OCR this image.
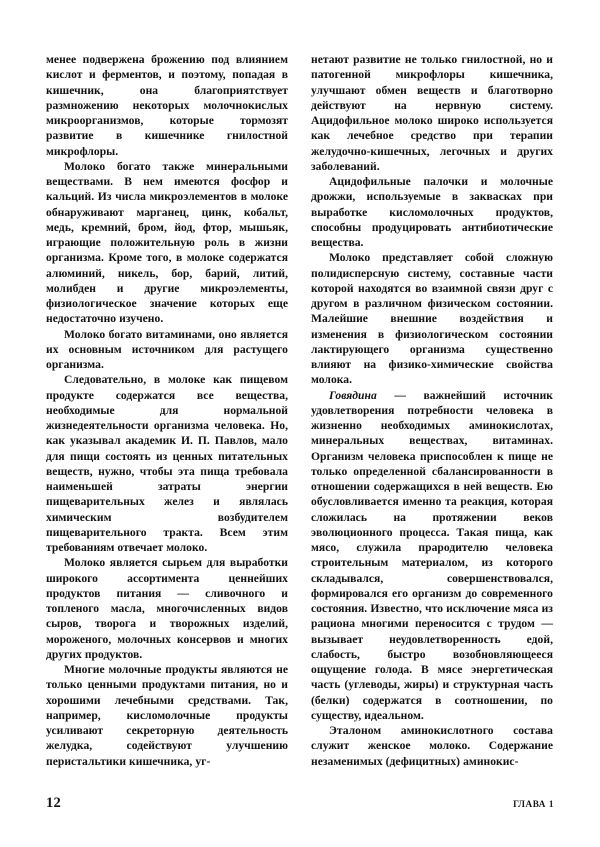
менее подвержена брожению под влиянием кислот и ферментов, и поэтому, попадая в кишечник, она благоприятствует размножению некоторых молочнокислых микроорганизмов, которые тормозят развитие в кишечнике гнилостной микрофлоры.

Молоко богато также минеральными веществами. В нем имеются фосфор и кальций. Из числа микроэлементов в молоке обнаруживают марганец, цинк, кобальт, медь, кремний, бром, йод, фтор, мышьяк, играющие положительную роль в жизни организма. Кроме того, в молоке содержатся алюминий, никель, бор, барий, литий, молибден и другие микроэлементы, физиологическое значение которых еще недостаточно изучено.

Молоко богато витаминами, оно является их основным источником для растущего организма.

Следовательно, в молоке как пищевом продукте содержатся все вещества, необходимые для нормальной жизнедеятельности организма человека. Но, как указывал академик И. П. Павлов, мало для пищи состоять из ценных питательных веществ, нужно, чтобы эта пища требовала наименьшей затраты энергии пищеварительных желез и являлась химическим возбудителем пищеварительного тракта. Всем этим требованиям отвечает молоко.

Молоко является сырьем для выработки широкого ассортимента ценнейших продуктов питания — сливочного и топленого масла, многочисленных видов сыров, творога и творожных изделий, мороженого, молочных консервов и многих других продуктов.

Многие молочные продукты являются не только ценными продуктами питания, но и хорошими лечебными средствами. Так, например, кисломолочные продукты усиливают секреторную деятельность желудка, содействуют улучшению перистальтики кишечника, уг-

нетают развитие не только гнилостной, но и патогенной микрофлоры кишечника, улучшают обмен веществ и благотворно действуют на нервную систему. Ацидофильное молоко широко используется как лечебное средство при терапии желудочно-кишечных, легочных и других заболеваний.

Ацидофильные палочки и молочные дрожжи, используемые в заквасках при выработке кисломолочных продуктов, способны продуцировать антибиотические вещества.

Молоко представляет собой сложную полидисперсную систему, составные части которой находятся во взаимной связи друг с другом в различном физическом состоянии. Малейшие внешние воздействия и изменения в физиологическом состоянии лактирующего организма существенно влияют на физико-химические свойства молока.

Говядина — важнейший источник удовлетворения потребности человека в жизненно необходимых аминокислотах, минеральных веществах, витаминах. Организм человека приспособлен к пище не только определенной сбалансированности в отношении содержащихся в ней веществ. Ею обусловливается именно та реакция, которая сложилась на протяжении веков эволюционного процесса. Такая пища, как мясо, служила прародителю человека строительным материалом, из которого складывался, совершенствовался, формировался его организм до современного состояния. Известно, что исключение мяса из рациона многими переносится с трудом — вызывает неудовлетворенность едой, слабость, быстро возобновляющееся ощущение голода. В мясе энергетическая часть (углеводы, жиры) и структурная часть (белки) содержатся в соотношении, по существу, идеальном.

Эталоном аминокислотного состава служит женское молоко. Содержание незаменимых (дефицитных) аминокис-

12	ГЛАВА 1
